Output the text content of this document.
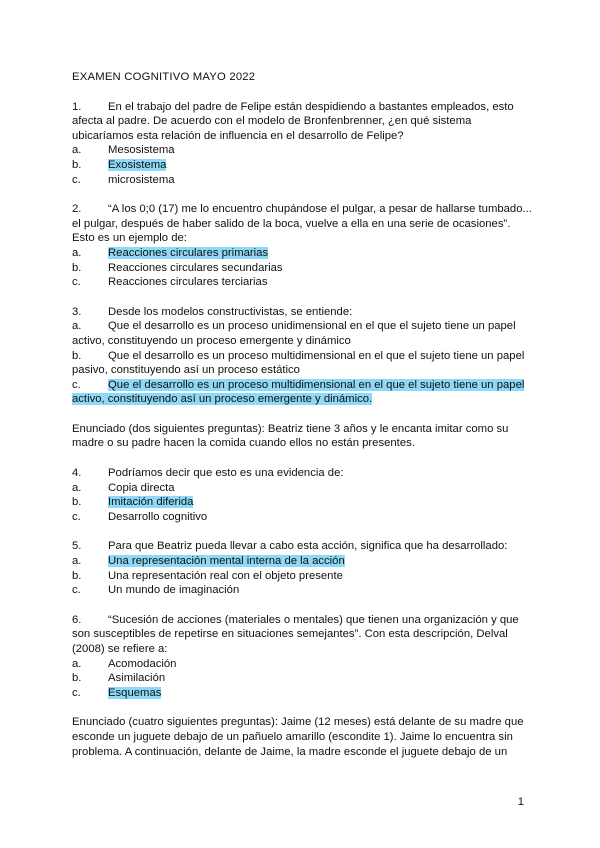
EXAMEN COGNITIVO MAYO 2022
1. En el trabajo del padre de Felipe están despidiendo a bastantes empleados, esto afecta al padre. De acuerdo con el modelo de Bronfenbrenner, ¿en qué sistema ubicaríamos esta relación de influencia en el desarrollo de Felipe?
a.	Mesosistema
b.	Exosistema
c.	microsistema
2. “A los 0;0 (17) me lo encuentro chupándose el pulgar, a pesar de hallarse tumbado... el pulgar, después de haber salido de la boca, vuelve a ella en una serie de ocasiones”. Esto es un ejemplo de:
a.	Reacciones circulares primarias
b.	Reacciones circulares secundarias
c.	Reacciones circulares terciarias
3. Desde los modelos constructivistas, se entiende:
a. Que el desarrollo es un proceso unidimensional en el que el sujeto tiene un papel activo, constituyendo un proceso emergente y dinámico
b. Que el desarrollo es un proceso multidimensional en el que el sujeto tiene un papel pasivo, constituyendo así un proceso estático
c. Que el desarrollo es un proceso multidimensional en el que el sujeto tiene un papel activo, constituyendo así un proceso emergente y dinámico.
Enunciado (dos siguientes preguntas): Beatriz tiene 3 años y le encanta imitar como su madre o su padre hacen la comida cuando ellos no están presentes.
4. Podríamos decir que esto es una evidencia de:
a.	Copia directa
b.	Imitación diferida
c.	Desarrollo cognitivo
5. Para que Beatriz pueda llevar a cabo esta acción, significa que ha desarrollado:
a.	Una representación mental interna de la acción
b.	Una representación real con el objeto presente
c.	Un mundo de imaginación
6. “Sucesión de acciones (materiales o mentales) que tienen una organización y que son susceptibles de repetirse en situaciones semejantes”. Con esta descripción, Delval (2008) se refiere a:
a.	Acomodación
b.	Asimilación
c.	Esquemas
Enunciado (cuatro siguientes preguntas): Jaime (12 meses) está delante de su madre que esconde un juguete debajo de un pañuelo amarillo (escondite 1). Jaime lo encuentra sin problema. A continuación, delante de Jaime, la madre esconde el juguete debajo de un
1
